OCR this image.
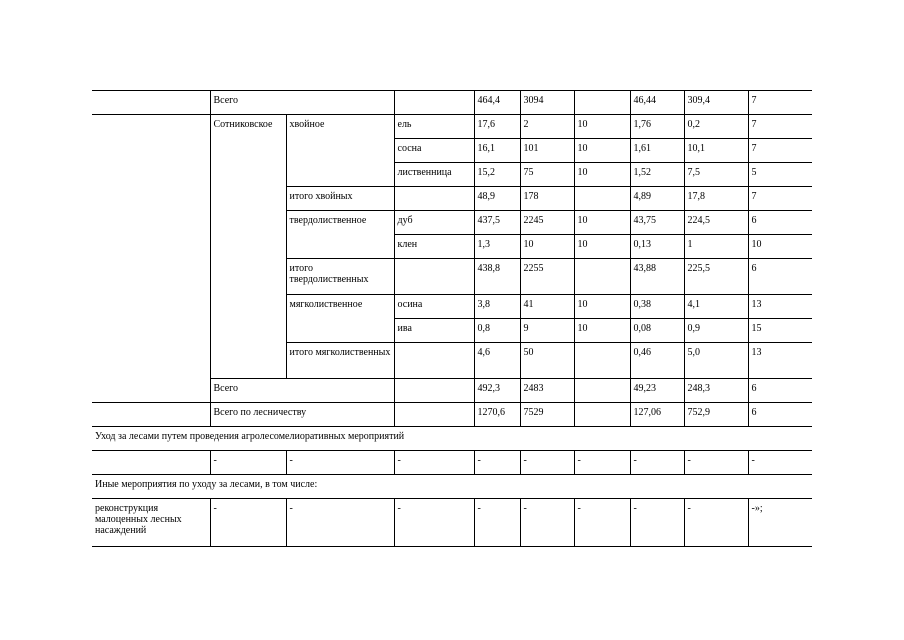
	Всего			464,4	3094		46,44	309,4	7
	Сотниковское	хвойное	ель	17,6	2	10	1,76	0,2	7
			сосна	16,1	101	10	1,61	10,1	7
			лиственница	15,2	75	10	1,52	7,5	5
		итого хвойных		48,9	178		4,89	17,8	7
		твердолиственное	дуб	437,5	2245	10	43,75	224,5	6
			клен	1,3	10	10	0,13	1	10
		итого твердолиственных		438,8	2255		43,88	225,5	6
		мягколиственное	осина	3,8	41	10	0,38	4,1	13
			ива	0,8	9	10	0,08	0,9	15
		итого мягколиственных		4,6	50		0,46	5,0	13
	Всего			492,3	2483		49,23	248,3	6
	Всего по лесничеству			1270,6	7529		127,06	752,9	6
Уход за лесами путем проведения агролесомелиоративных мероприятий									
	-	-	-	-	-	-	-	-	-
Иные мероприятия по уходу за лесами, в том числе:									
реконструкция малоценных лесных насаждений	-	-	-	-	-	-	-	-	-»;
